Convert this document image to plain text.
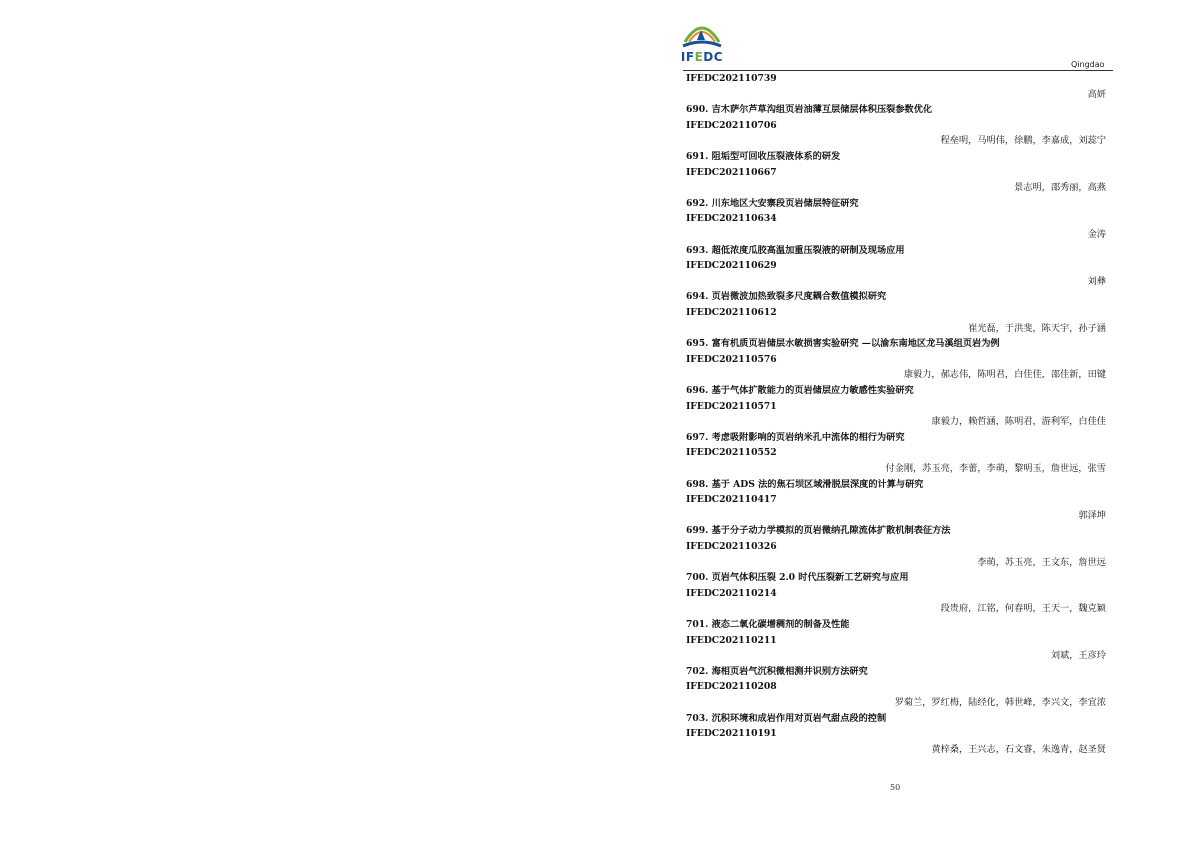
IFEDC
Qingdao
IFEDC202110739
高妍
690. 吉木萨尔芦草沟组页岩油薄互层储层体积压裂参数优化
IFEDC202110706
程垒明，马明伟，徐鹏，李嘉成，刘蕊宁
691. 阻垢型可回收压裂液体系的研发
IFEDC202110667
景志明，邵秀丽，高燕
692. 川东地区大安寨段页岩储层特征研究
IFEDC202110634
金涛
693. 超低浓度瓜胶高温加重压裂液的研制及现场应用
IFEDC202110629
刘彝
694. 页岩微波加热致裂多尺度耦合数值模拟研究
IFEDC202110612
崔光磊，于洪斐，陈天宇，孙子涵
695. 富有机质页岩储层水敏损害实验研究 —以渝东南地区龙马溪组页岩为例
IFEDC202110576
康毅力，郝志伟，陈明君，白佳佳，邵佳新，田键
696. 基于气体扩散能力的页岩储层应力敏感性实验研究
IFEDC202110571
康毅力，赖哲涵，陈明君，游利军，白佳佳
697. 考虑吸附影响的页岩纳米孔中流体的相行为研究
IFEDC202110552
付金刚，苏玉亮，李蕾，李萌，黎明玉，詹世远，张雪
698. 基于 ADS 法的焦石坝区域滑脱层深度的计算与研究
IFEDC202110417
郭泽坤
699. 基于分子动力学模拟的页岩微纳孔隙流体扩散机制表征方法
IFEDC202110326
李萌，苏玉亮，王文东，詹世远
700. 页岩气体积压裂 2.0 时代压裂新工艺研究与应用
IFEDC202110214
段贵府，江铭，何春明，王天一，魏克颖
701. 液态二氧化碳增稠剂的制备及性能
IFEDC202110211
刘斌，王彦玲
702. 海相页岩气沉积微相测井识别方法研究
IFEDC202110208
罗菊兰，罗红梅，陆经化，韩世峰，李兴文，李宜浓
703. 沉积环境和成岩作用对页岩气甜点段的控制
IFEDC202110191
黄梓桑，王兴志，石文睿，朱逸青，赵圣贤
50
